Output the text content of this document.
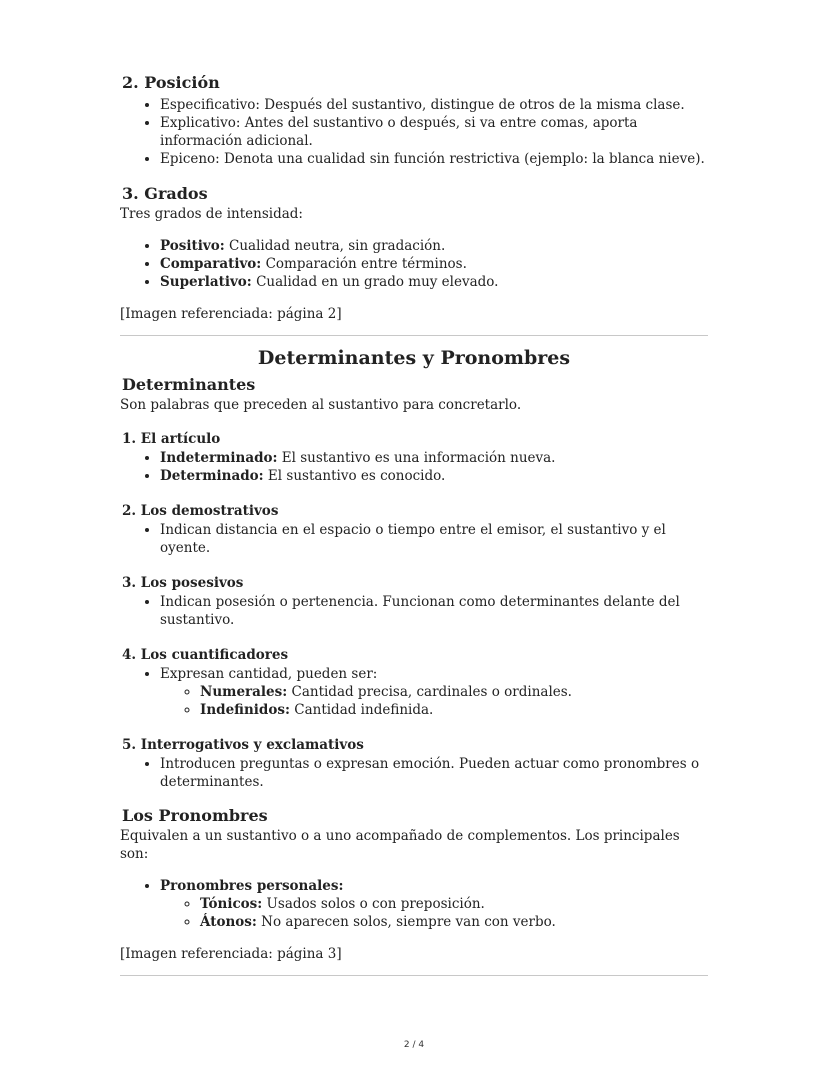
2. Posición
• Especificativo: Después del sustantivo, distingue de otros de la misma clase.
• Explicativo: Antes del sustantivo o después, si va entre comas, aporta información adicional.
• Epiceno: Denota una cualidad sin función restrictiva (ejemplo: la blanca nieve).
3. Grados

Tres grados de intensidad:

• Positivo: Cualidad neutra, sin gradación.
• Comparativo: Comparación entre términos.
• Superlativo: Cualidad en un grado muy elevado.

[Imagen referenciada: página 2]

Determinantes y Pronombres
Determinantes

Son palabras que preceden al sustantivo para concretarlo.

1. El artículo
• Indeterminado: El sustantivo es una información nueva.
• Determinado: El sustantivo es conocido.
2. Los demostrativos
• Indican distancia en el espacio o tiempo entre el emisor, el sustantivo y el oyente.
3. Los posesivos
• Indican posesión o pertenencia. Funcionan como determinantes delante del sustantivo.
4. Los cuantificadores
• Expresan cantidad, pueden ser:
◦ Numerales: Cantidad precisa, cardinales o ordinales.
◦ Indefinidos: Cantidad indefinida.
5. Interrogativos y exclamativos
• Introducen preguntas o expresan emoción. Pueden actuar como pronombres o determinantes.
Los Pronombres

Equivalen a un sustantivo o a uno acompañado de complementos. Los principales son:

• Pronombres personales:
◦ Tónicos: Usados solos o con preposición.
◦ Átonos: No aparecen solos, siempre van con verbo.

[Imagen referenciada: página 3]

2 / 4
